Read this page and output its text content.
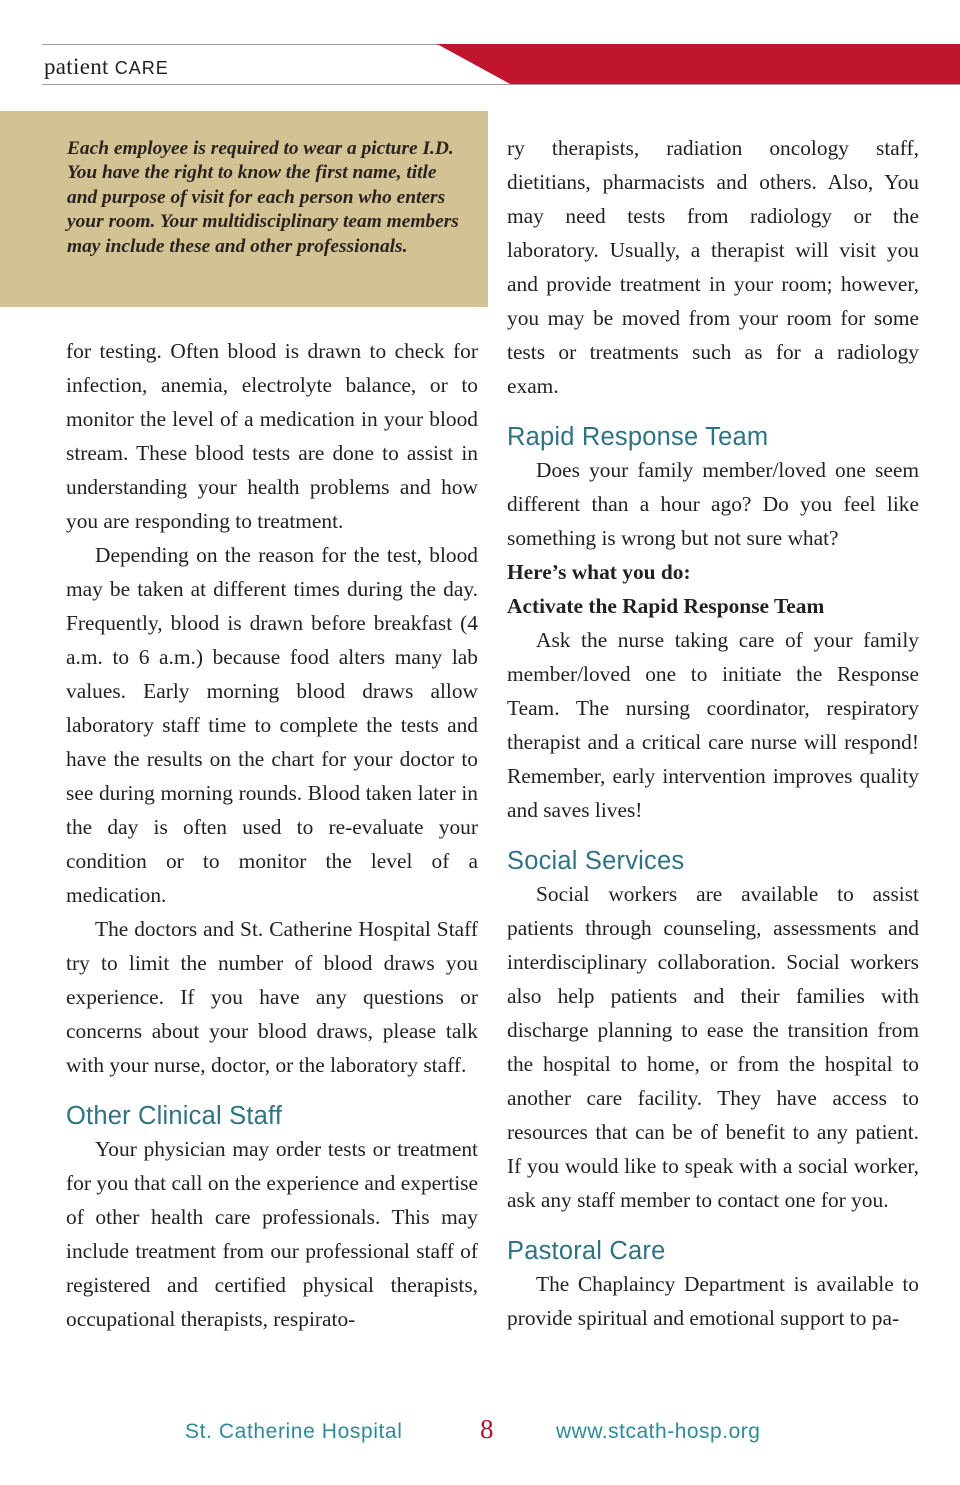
patient CARE

Each employee is required to wear a picture I.D. You have the right to know the first name, title and purpose of visit for each person who enters your room. Your multidisciplinary team members may include these and other professionals.

for testing. Often blood is drawn to check for infection, anemia, electrolyte balance, or to monitor the level of a medication in your blood stream. These blood tests are done to assist in understanding your health problems and how you are responding to treatment.

Depending on the reason for the test, blood may be taken at different times during the day. Frequently, blood is drawn before breakfast (4 a.m. to 6 a.m.) because food alters many lab values. Early morning blood draws allow laboratory staff time to complete the tests and have the results on the chart for your doctor to see during morning rounds. Blood taken later in the day is often used to re-evaluate your condition or to monitor the level of a medication.

The doctors and St. Catherine Hospital Staff try to limit the number of blood draws you experience. If you have any questions or concerns about your blood draws, please talk with your nurse, doctor, or the laboratory staff.

Other Clinical Staff

Your physician may order tests or treatment for you that call on the experience and expertise of other health care professionals. This may include treatment from our professional staff of registered and certified physical therapists, occupational therapists, respirato-

ry therapists, radiation oncology staff, dietitians, pharmacists and others. Also, You may need tests from radiology or the laboratory. Usually, a therapist will visit you and provide treatment in your room; however, you may be moved from your room for some tests or treatments such as for a radiology exam.

Rapid Response Team

Does your family member/loved one seem different than a hour ago? Do you feel like something is wrong but not sure what?

Here’s what you do:

Activate the Rapid Response Team

Ask the nurse taking care of your family member/loved one to initiate the Response Team. The nursing coordinator, respiratory therapist and a critical care nurse will respond! Remember, early intervention improves quality and saves lives!

Social Services

Social workers are available to assist patients through counseling, assessments and interdisciplinary collaboration. Social workers also help patients and their families with discharge planning to ease the transition from the hospital to home, or from the hospital to another care facility. They have access to resources that can be of benefit to any patient. If you would like to speak with a social worker, ask any staff member to contact one for you.

Pastoral Care

The Chaplaincy Department is available to provide spiritual and emotional support to pa-

St. Catherine Hospital	8	www.stcath-hosp.org
